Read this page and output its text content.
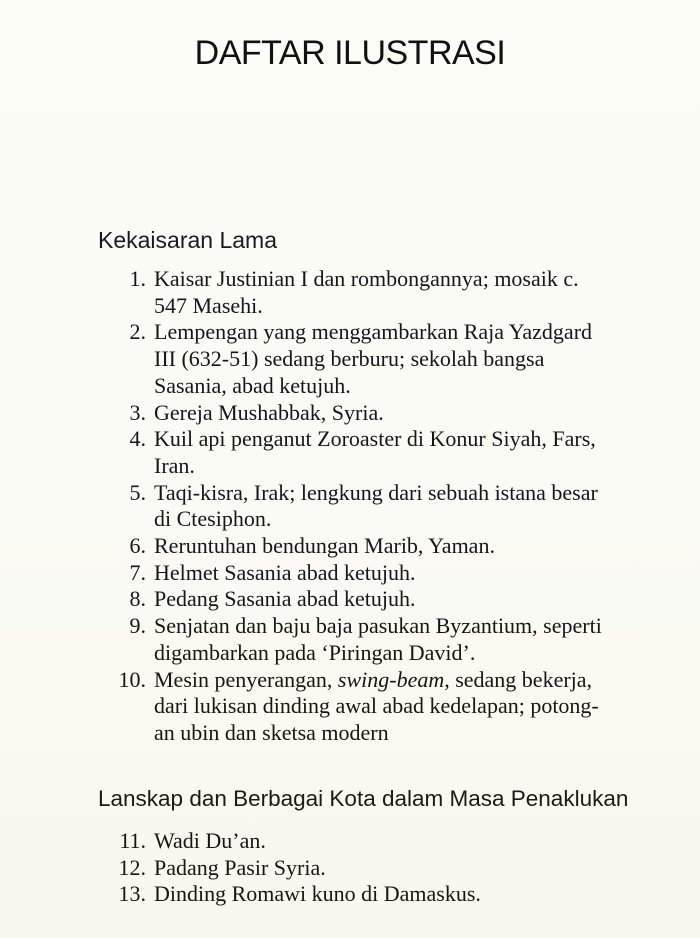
DAFTAR ILUSTRASI
Kekaisaran Lama
1. Kaisar Justinian I dan rombongannya; mosaik c. 547 Masehi.
2. Lempengan yang menggambarkan Raja Yazdgard III (632-51) sedang berburu; sekolah bangsa Sasania, abad ketujuh.
3. Gereja Mushabbak, Syria.
4. Kuil api penganut Zoroaster di Konur Siyah, Fars, Iran.
5. Taqi-kisra, Irak; lengkung dari sebuah istana besar di Ctesiphon.
6. Reruntuhan bendungan Marib, Yaman.
7. Helmet Sasania abad ketujuh.
8. Pedang Sasania abad ketujuh.
9. Senjatan dan baju baja pasukan Byzantium, seperti digambarkan pada ‘Piringan David’.
10. Mesin penyerangan, swing-beam, sedang bekerja, dari lukisan dinding awal abad kedelapan; potong-an ubin dan sketsa modern
Lanskap dan Berbagai Kota dalam Masa Penaklukan
11. Wadi Du’an.
12. Padang Pasir Syria.
13. Dinding Romawi kuno di Damaskus.
